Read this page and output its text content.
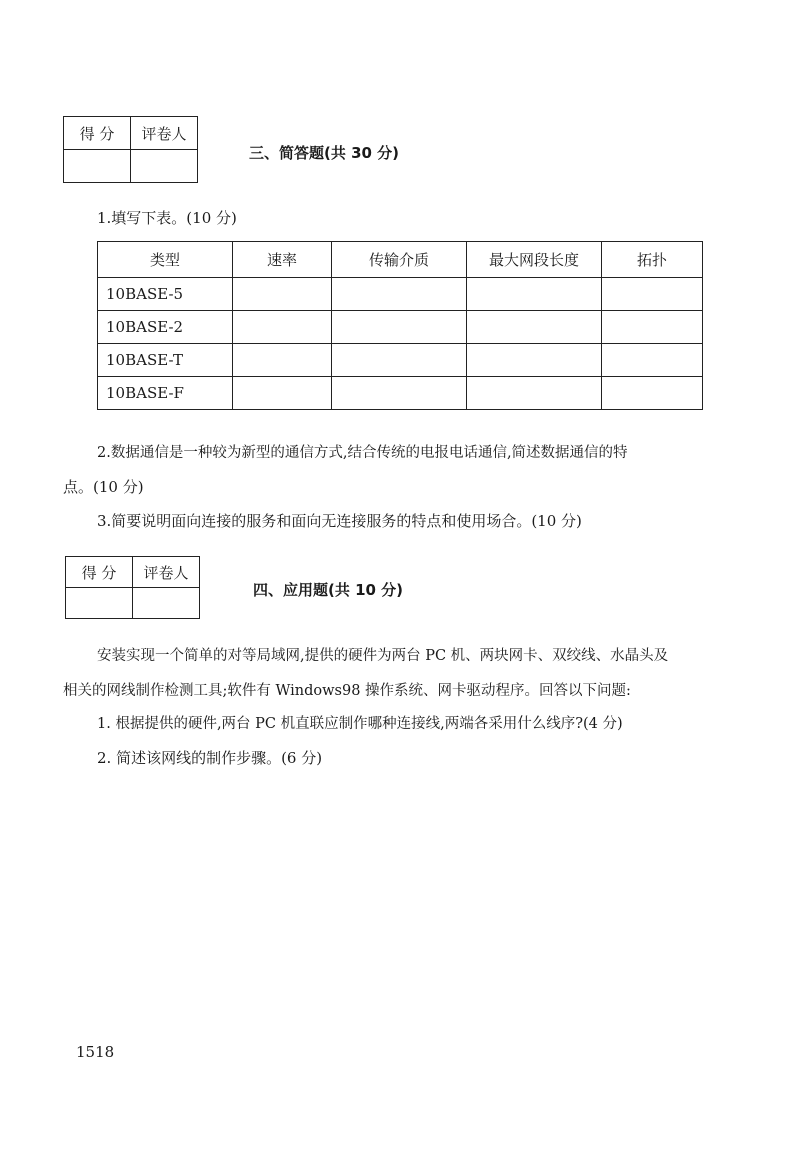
得 分	评卷人

三、简答题(共 30 分)
1.填写下表。(10 分)
类型	速率	传输介质	最大网段长度	拓扑
10BASE-5				
10BASE-2				
10BASE-T				
10BASE-F				
2.数据通信是一种较为新型的通信方式,结合传统的电报电话通信,简述数据通信的特
点。(10 分)
3.简要说明面向连接的服务和面向无连接服务的特点和使用场合。(10 分)
得 分	评卷人

四、应用题(共 10 分)
安装实现一个简单的对等局域网,提供的硬件为两台 PC 机、两块网卡、双绞线、水晶头及
相关的网线制作检测工具;软件有 Windows98 操作系统、网卡驱动程序。回答以下问题:
1. 根据提供的硬件,两台 PC 机直联应制作哪种连接线,两端各采用什么线序?(4 分)
2. 简述该网线的制作步骤。(6 分)
1518
